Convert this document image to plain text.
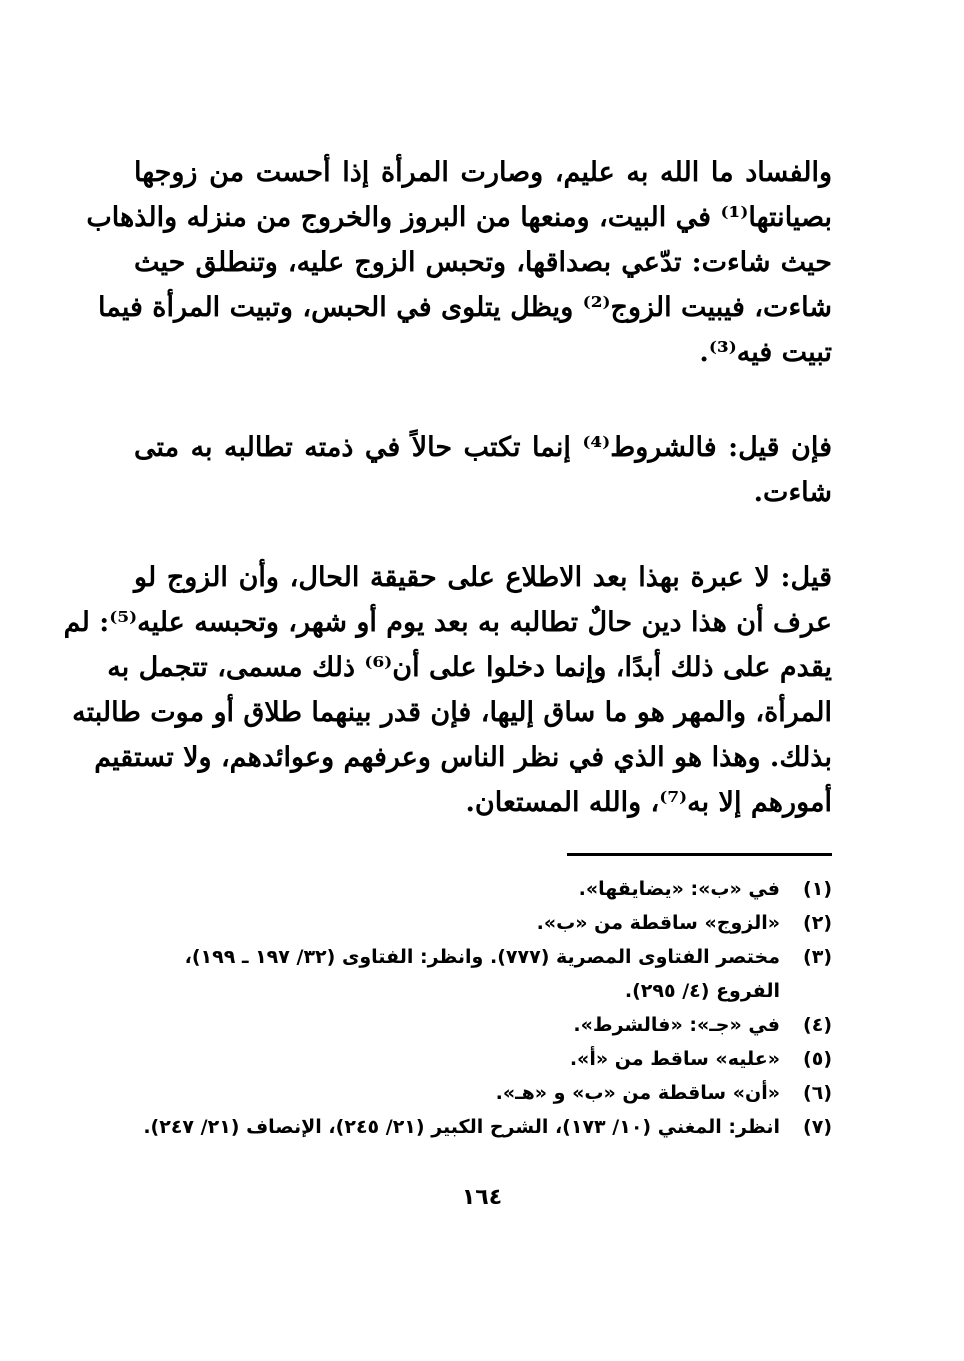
والفساد ما الله به عليم، وصارت المرأة إذا أحست من زوجها
بصيانتها⁽¹⁾ في البيت، ومنعها من البروز والخروج من منزله والذهاب
حيث شاءت: تدّعي بصداقها، وتحبس الزوج عليه، وتنطلق حيث
شاءت، فيبيت الزوج⁽²⁾ ويظل يتلوى في الحبس، وتبيت المرأة فيما
تبيت فيه⁽³⁾.
فإن قيل: فالشروط⁽⁴⁾ إنما تكتب حالاً في ذمته تطالبه به متى
شاءت.
قيل: لا عبرة بهذا بعد الاطلاع على حقيقة الحال، وأن الزوج لو
عرف أن هذا دين حالٌ تطالبه به بعد يوم أو شهر، وتحبسه عليه⁽⁵⁾: لم
يقدم على ذلك أبدًا، وإنما دخلوا على أن⁽⁶⁾ ذلك مسمى، تتجمل به
المرأة، والمهر هو ما ساق إليها، فإن قدر بينهما طلاق أو موت طالبته
بذلك. وهذا هو الذي في نظر الناس وعرفهم وعوائدهم، ولا تستقيم
أمورهم إلا به⁽⁷⁾، والله المستعان.
(١)
في «ب»: «يضايقها».
(٢)
«الزوج» ساقطة من «ب».
(٣)
مختصر الفتاوى المصرية (٧٧٧). وانظر: الفتاوى (٣٢/ ١٩٧ ـ ١٩٩)، الفروع (٤/ ٢٩٥).
(٤)
في «جـ»: «فالشرط».
(٥)
«عليه» ساقط من «أ».
(٦)
«أن» ساقطة من «ب» و «هـ».
(٧)
انظر: المغني (١٠/ ١٧٣)، الشرح الكبير (٢١/ ٢٤٥)، الإنصاف (٢١/ ٢٤٧).
١٦٤
